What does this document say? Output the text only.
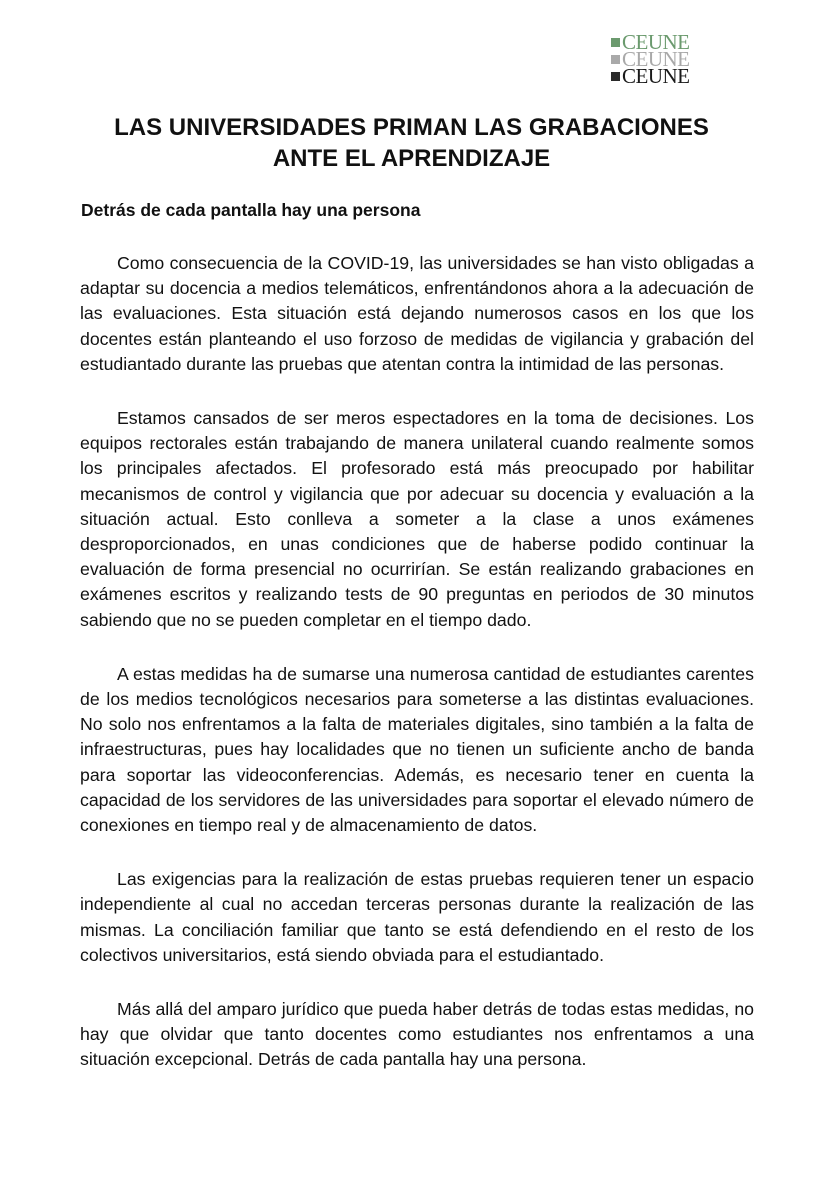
CEUNE
CEUNE
CEUNE
LAS UNIVERSIDADES PRIMAN LAS GRABACIONES
ANTE EL APRENDIZAJE
Detrás de cada pantalla hay una persona

Como consecuencia de la COVID-19, las universidades se han visto obligadas a adaptar su docencia a medios telemáticos, enfrentándonos ahora a la adecuación de las evaluaciones. Esta situación está dejando numerosos casos en los que los docentes están planteando el uso forzoso de medidas de vigilancia y grabación del estudiantado durante las pruebas que atentan contra la intimidad de las personas.

Estamos cansados de ser meros espectadores en la toma de decisiones. Los equipos rectorales están trabajando de manera unilateral cuando realmente somos los principales afectados. El profesorado está más preocupado por habilitar mecanismos de control y vigilancia que por adecuar su docencia y evaluación a la situación actual. Esto conlleva a someter a la clase a unos exámenes desproporcionados, en unas condiciones que de haberse podido continuar la evaluación de forma presencial no ocurrirían. Se están realizando grabaciones en exámenes escritos y realizando tests de 90 preguntas en periodos de 30 minutos sabiendo que no se pueden completar en el tiempo dado.

A estas medidas ha de sumarse una numerosa cantidad de estudiantes carentes de los medios tecnológicos necesarios para someterse a las distintas evaluaciones. No solo nos enfrentamos a la falta de materiales digitales, sino también a la falta de infraestructuras, pues hay localidades que no tienen un suficiente ancho de banda para soportar las videoconferencias. Además, es necesario tener en cuenta la capacidad de los servidores de las universidades para soportar el elevado número de conexiones en tiempo real y de almacenamiento de datos.

Las exigencias para la realización de estas pruebas requieren tener un espacio independiente al cual no accedan terceras personas durante la realización de las mismas. La conciliación familiar que tanto se está defendiendo en el resto de los colectivos universitarios, está siendo obviada para el estudiantado.

Más allá del amparo jurídico que pueda haber detrás de todas estas medidas, no hay que olvidar que tanto docentes como estudiantes nos enfrentamos a una situación excepcional. Detrás de cada pantalla hay una persona.
